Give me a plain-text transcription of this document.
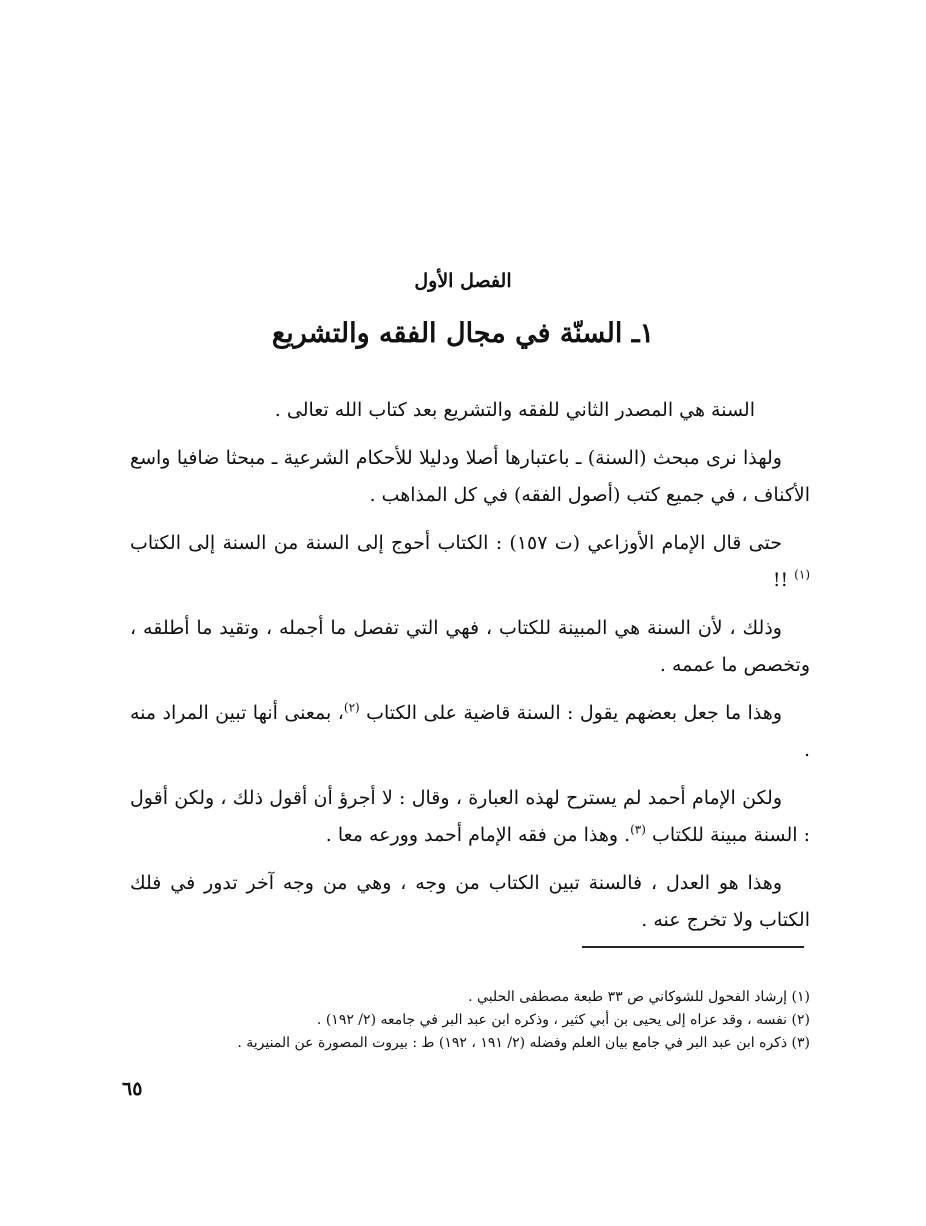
الفصل الأول
١ـ السنّة في مجال الفقه والتشريع

السنة هي المصدر الثاني للفقه والتشريع بعد كتاب الله تعالى .

ولهذا نرى مبحث (السنة) ـ باعتبارها أصلا ودليلا للأحكام الشرعية ـ مبحثا ضافيا واسع الأكناف ، في جميع كتب (أصول الفقه) في كل المذاهب .

حتى قال الإمام الأوزاعي (ت ١٥٧) : الكتاب أحوج إلى السنة من السنة إلى الكتاب $^{(١)}$ !!

وذلك ، لأن السنة هي المبينة للكتاب ، فهي التي تفصل ما أجمله ، وتقيد ما أطلقه ، وتخصص ما عممه .

وهذا ما جعل بعضهم يقول : السنة قاضية على الكتاب $^{(٢)}$، بمعنى أنها تبين المراد منه .

ولكن الإمام أحمد لم يسترح لهذه العبارة ، وقال : لا أجرؤ أن أقول ذلك ، ولكن أقول : السنة مبينة للكتاب $^{(٣)}$. وهذا من فقه الإمام أحمد وورعه معا .

وهذا هو العدل ، فالسنة تبين الكتاب من وجه ، وهي من وجه آخر تدور في فلك الكتاب ولا تخرج عنه .

(١) إرشاد الفحول للشوكاني ص ٣٣ طبعة مصطفى الحلبي .

(٢) نفسه ، وقد عزاه إلى يحيى بن أبي كثير ، وذكره ابن عبد البر في جامعه (٢/ ١٩٢) .

(٣) ذكره ابن عبد البر في جامع بيان العلم وفضله (٢/ ١٩١ ، ١٩٢) ط : بيروت المصورة عن المنيرية .

٦٥
